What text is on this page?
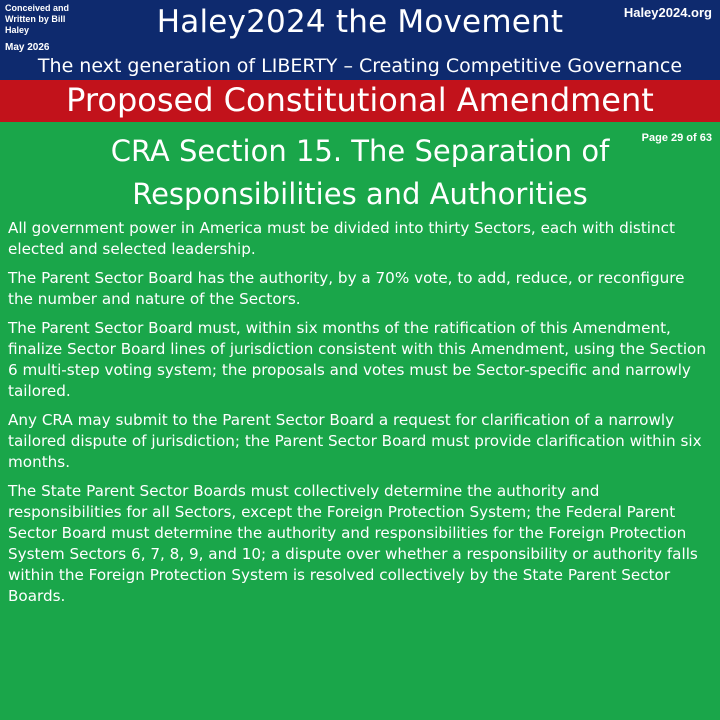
Conceived and Written by Bill Haley
May 2026
Haley2024 the Movement	Haley2024.org
The next generation of LIBERTY – Creating Competitive Governance
Proposed Constitutional Amendment
Page 29 of 63
CRA Section 15. The Separation of Responsibilities and Authorities

All government power in America must be divided into thirty Sectors, each with distinct elected and selected leadership.

The Parent Sector Board has the authority, by a 70% vote, to add, reduce, or reconfigure the number and nature of the Sectors.

The Parent Sector Board must, within six months of the ratification of this Amendment, finalize Sector Board lines of jurisdiction consistent with this Amendment, using the Section 6 multi-step voting system; the proposals and votes must be Sector-specific and narrowly tailored.

Any CRA may submit to the Parent Sector Board a request for clarification of a narrowly tailored dispute of jurisdiction; the Parent Sector Board must provide clarification within six months.

The State Parent Sector Boards must collectively determine the authority and responsibilities for all Sectors, except the Foreign Protection System; the Federal Parent Sector Board must determine the authority and responsibilities for the Foreign Protection System Sectors 6, 7, 8, 9, and 10; a dispute over whether a responsibility or authority falls within the Foreign Protection System is resolved collectively by the State Parent Sector Boards.
